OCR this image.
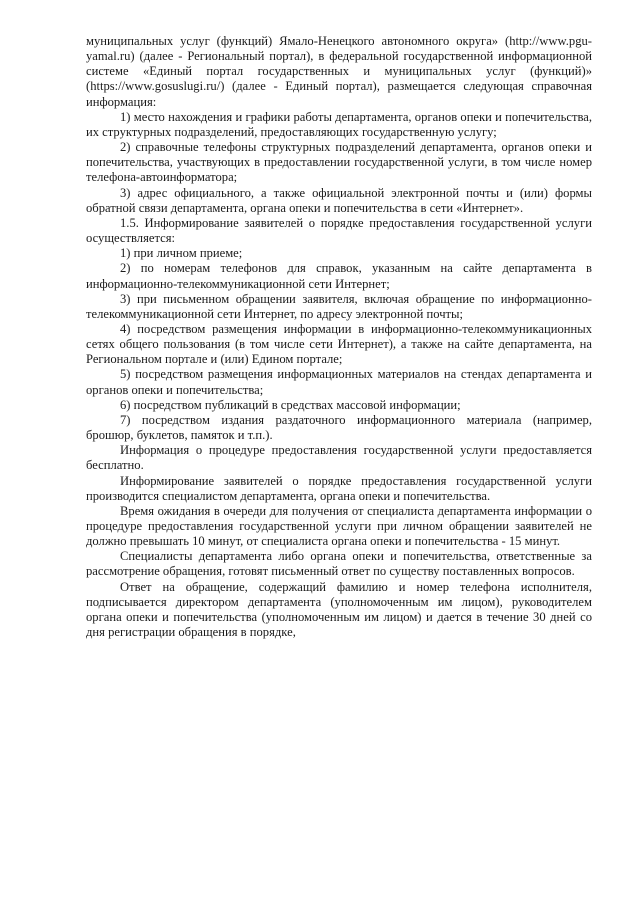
муниципальных услуг (функций) Ямало-Ненецкого автономного округа» (http://www.pgu-yamal.ru) (далее - Региональный портал), в федеральной государственной информационной системе «Единый портал государственных и муниципальных услуг (функций)» (https://www.gosuslugi.ru/) (далее - Единый портал), размещается следующая справочная информация:

1) место нахождения и графики работы департамента, органов опеки и попечительства, их структурных подразделений, предоставляющих государственную услугу;

2) справочные телефоны структурных подразделений департамента, органов опеки и попечительства, участвующих в предоставлении государственной услуги, в том числе номер телефона-автоинформатора;

3) адрес официального, а также официальной электронной почты и (или) формы обратной связи департамента, органа опеки и попечительства в сети «Интернет».

1.5. Информирование заявителей о порядке предоставления государственной услуги осуществляется:

1) при личном приеме;

2) по номерам телефонов для справок, указанным на сайте департамента в информационно-телекоммуникационной сети Интернет;

3) при письменном обращении заявителя, включая обращение по информационно-телекоммуникационной сети Интернет, по адресу электронной почты;

4) посредством размещения информации в информационно-телекоммуникационных сетях общего пользования (в том числе сети Интернет), а также на сайте департамента, на Региональном портале и (или) Едином портале;

5) посредством размещения информационных материалов на стендах департамента и органов опеки и попечительства;

6) посредством публикаций в средствах массовой информации;

7) посредством издания раздаточного информационного материала (например, брошюр, буклетов, памяток и т.п.).

Информация о процедуре предоставления государственной услуги предоставляется бесплатно.

Информирование заявителей о порядке предоставления государственной услуги производится специалистом департамента, органа опеки и попечительства.

Время ожидания в очереди для получения от специалиста департамента информации о процедуре предоставления государственной услуги при личном обращении заявителей не должно превышать 10 минут, от специалиста органа опеки и попечительства - 15 минут.

Специалисты департамента либо органа опеки и попечительства, ответственные за рассмотрение обращения, готовят письменный ответ по существу поставленных вопросов.

Ответ на обращение, содержащий фамилию и номер телефона исполнителя, подписывается директором департамента (уполномоченным им лицом), руководителем органа опеки и попечительства (уполномоченным им лицом) и дается в течение 30 дней со дня регистрации обращения в порядке,
